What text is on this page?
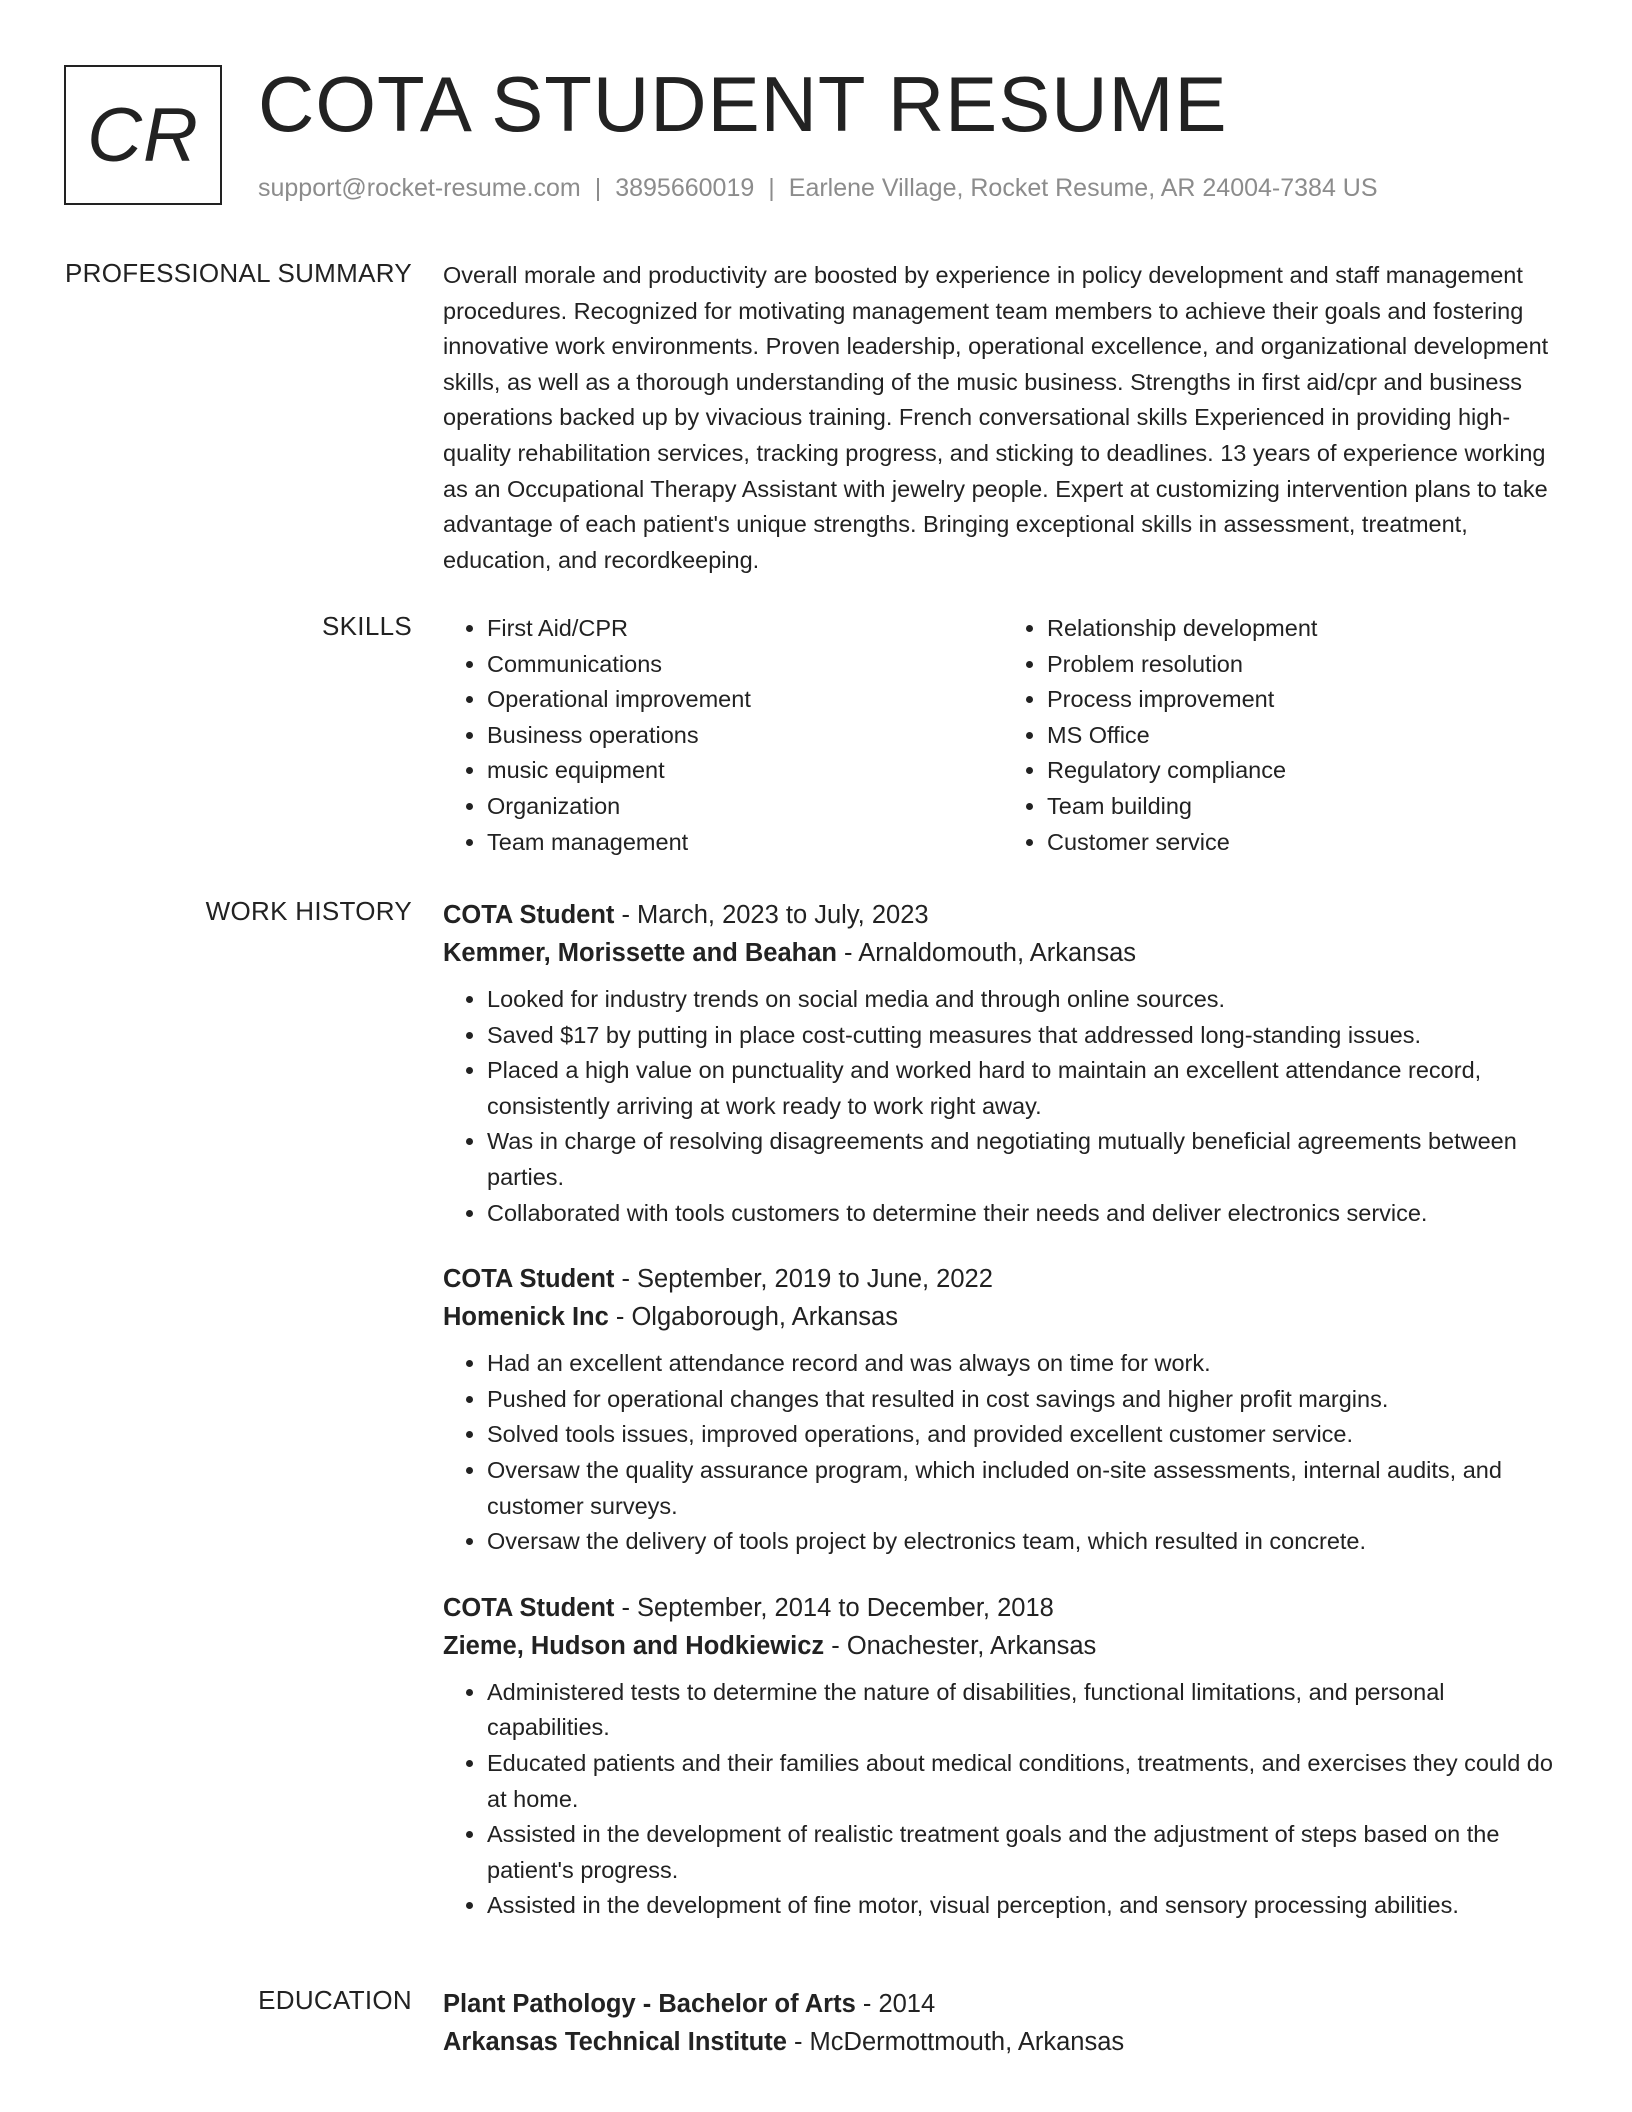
CR COTA STUDENT RESUME
support@rocket-resume.com | 3895660019 | Earlene Village, Rocket Resume, AR 24004-7384 US
PROFESSIONAL SUMMARY Overall morale and productivity are boosted by experience in policy development and staff management procedures. Recognized for motivating management team members to achieve their goals and fostering innovative work environments. Proven leadership, operational excellence, and organizational development skills, as well as a thorough understanding of the music business. Strengths in first aid/cpr and business operations backed up by vivacious training. French conversational skills Experienced in providing high-quality rehabilitation services, tracking progress, and sticking to deadlines. 13 years of experience working as an Occupational Therapy Assistant with jewelry people. Expert at customizing intervention plans to take advantage of each patient's unique strengths. Bringing exceptional skills in assessment, treatment, education, and recordkeeping.

SKILLS
•	First Aid/CPR
• Communications
• Operational improvement
• Business operations
• music equipment
• Organization
• Team management
• Relationship development
• Problem resolution
• Process improvement
• MS Office
• Regulatory compliance
• Team building
• Customer service
WORK HISTORY COTA Student - March, 2023 to July, 2023
Kemmer, Morissette and Beahan - Arnaldomouth, Arkansas
• Looked for industry trends on social media and through online sources.
• Saved $17 by putting in place cost-cutting measures that addressed long-standing issues.
• Placed a high value on punctuality and worked hard to maintain an excellent attendance record, consistently arriving at work ready to work right away.
• Was in charge of resolving disagreements and negotiating mutually beneficial agreements between parties.
• Collaborated with tools customers to determine their needs and deliver electronics service.
COTA Student - September, 2019 to June, 2022
Homenick Inc - Olgaborough, Arkansas
• Had an excellent attendance record and was always on time for work.
• Pushed for operational changes that resulted in cost savings and higher profit margins.
• Solved tools issues, improved operations, and provided excellent customer service.
• Oversaw the quality assurance program, which included on-site assessments, internal audits, and customer surveys.
• Oversaw the delivery of tools project by electronics team, which resulted in concrete.
COTA Student - September, 2014 to December, 2018
Zieme, Hudson and Hodkiewicz - Onachester, Arkansas
• Administered tests to determine the nature of disabilities, functional limitations, and personal capabilities.
• Educated patients and their families about medical conditions, treatments, and exercises they could do at home.
• Assisted in the development of realistic treatment goals and the adjustment of steps based on the patient's progress.
• Assisted in the development of fine motor, visual perception, and sensory processing abilities.
EDUCATION Plant Pathology - Bachelor of Arts - 2014
Arkansas Technical Institute - McDermottmouth, Arkansas
